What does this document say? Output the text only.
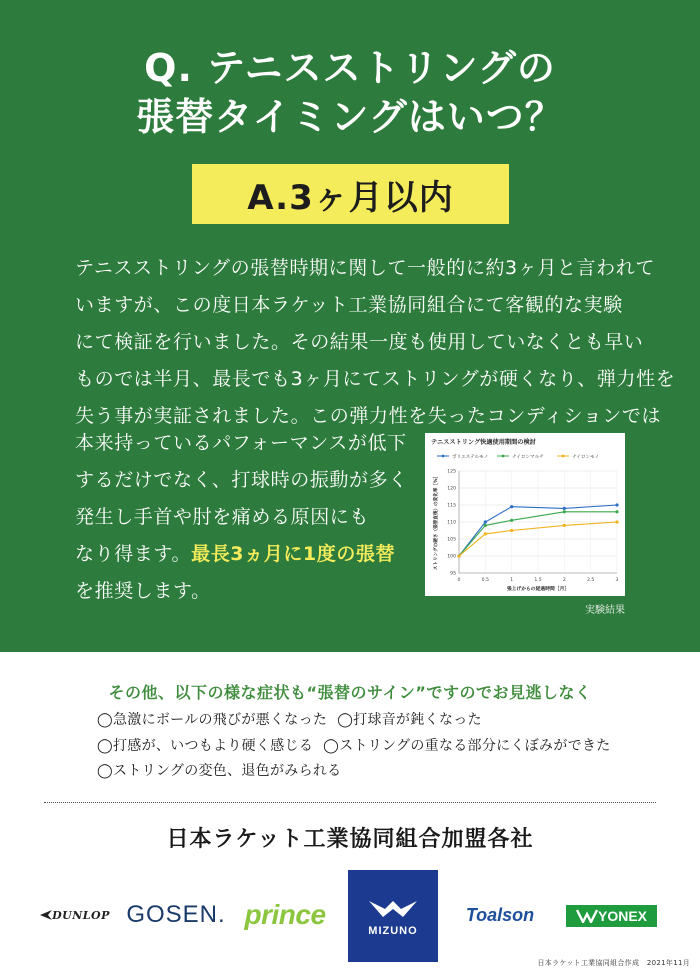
Q. テニスストリングの
張替タイミングはいつ？
A.3ヶ月以内
テニスストリングの張替時期に関して一般的に約3ヶ月と言われて
いますが、この度日本ラケット工業協同組合にて客観的な実験
にて検証を行いました。その結果一度も使用していなくとも早い
ものでは半月、最長でも3ヶ月にてストリングが硬くなり、弾力性を
失う事が実証されました。この弾力性を失ったコンディションでは
本来持っているパフォーマンスが低下
するだけでなく、打球時の振動が多く
発生し手首や肘を痛める原因にも
なり得ます。最長3ヵ月に1度の張替
を推奨します。
テニスストリング快適使用期間の検討
ポリエステルモノ	ナイロンマルチ	ナイロンモノ
95
100
105
110
115
120
125
0	0.5	1	1.5	2	2.5	3
張上げからの経過時間［月］
ストリングの硬さ（張替直後）の変化率［%］
実験結果
その他、以下の様な症状も“張替のサイン”ですのでお見逃しなく
◯急激にボールの飛びが悪くなった ◯打球音が鈍くなった
◯打感が、いつもより硬く感じる ◯ストリングの重なる部分にくぼみができた
◯ストリングの変色、退色がみられる
日本ラケット工業協同組合加盟各社
DUNLOP GOSEN. prince
MIZUNO
Toalson	YONEX
日本ラケット工業協同組合作成 2021年11月
